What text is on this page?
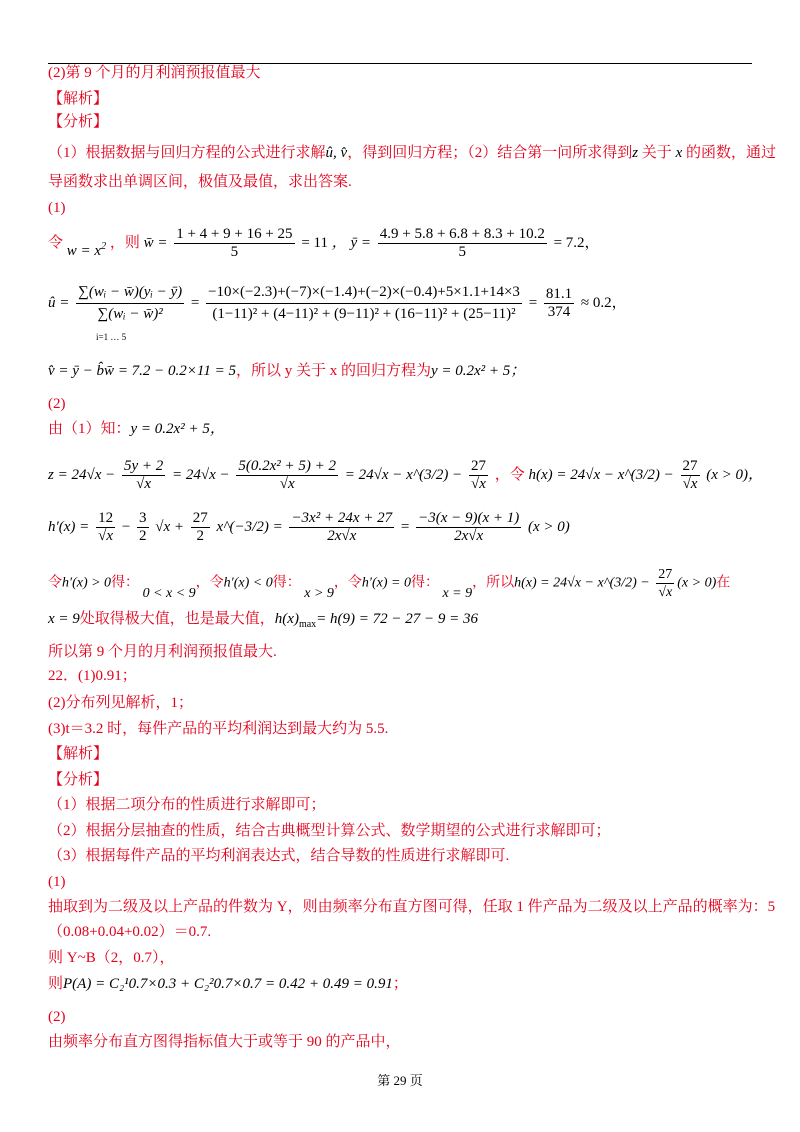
(2)第 9 个月的月利润预报值最大
【解析】
【分析】
（1）根据数据与回归方程的公式进行求解û, v̂，得到回归方程；（2）结合第一问所求得到z 关于 x 的函数，通过
导函数求出单调区间，极值及最值，求出答案.
(1)
令 $w = x^2$ ，则 w̄ = $\frac{1 + 4 + 9 + 16 + 25}{5} = 11$ ， ȳ = $\frac{4.9 + 5.8 + 6.8 + 8.3 + 10.2}{5} = 7.2$，
û = $\frac{\text{∑(wᵢ − w̄)(yᵢ − ȳ)}}{\text{∑(wᵢ − w̄)²}} = \frac{-10\times(-2.3)+(-7)\times(-1.4)+(-2)\times(-0.4)+5\times 1.1+14\times 3}{\text{(1−11)² + (4−11)² + (9−11)² + (16−11)² + (25−11)²}} = \frac{81.1}{374} \approx 0.2$，
i=1 … 5
v̂ = ȳ − b̂w̄ = 7.2 − 0.2×11 = 5，所以 y 关于 x 的回归方程为y = 0.2x² + 5；
(2)
由（1）知：y = 0.2x² + 5，
$z = 24√x - \frac{5y + 2}{√x} = 24√x - \frac{\text{5(0.2x² + 5) + 2}}{√x} = 24√x$ − x^(3/2) − $\frac{27}{√x}$ ，令 h(x) = 24√x − x^(3/2) − $\frac{27}{√x} (x > 0)$，
$h'(x) = \frac{12}{√x} - \frac{3}{2} √x + \frac{27}{2}$ x^(−3/2) = $\frac{\text{−3x² + 24x + 27}}{2x√x} = \frac{-3(x - 9)(x + 1)}{2x√x} (x > 0)$
令h′(x) > 0得： 0 < x < 9，令h′(x) < 0得： x > 9，令h′(x) = 0得： x = 9，所以h(x) = 24√x − x^(3/2) − $\frac{27}{√x} (x > 0)$在
x = 9处取得极大值，也是最大值，$h(x)_{max}= h(9) = 72 - 27 - 9 = 36$
所以第 9 个月的月利润预报值最大.
22．(1)0.91；
(2)分布列见解析，1；
(3)t＝3.2 时，每件产品的平均利润达到最大约为 5.5.
【解析】
【分析】
（1）根据二项分布的性质进行求解即可；
（2）根据分层抽查的性质，结合古典概型计算公式、数学期望的公式进行求解即可；
（3）根据每件产品的平均利润表达式，结合导数的性质进行求解即可.
(1)
抽取到为二级及以上产品的件数为 Y，则由频率分布直方图可得，任取 1 件产品为二级及以上产品的概率为：5
（0.08+0.04+0.02）＝0.7.
则 Y~B（2，0.7），
则P(A) = C₂¹0.7×0.3 + C₂²0.7×0.7 = 0.42 + 0.49 = 0.91；
(2)
由频率分布直方图得指标值大于或等于 90 的产品中，
第 29 页
